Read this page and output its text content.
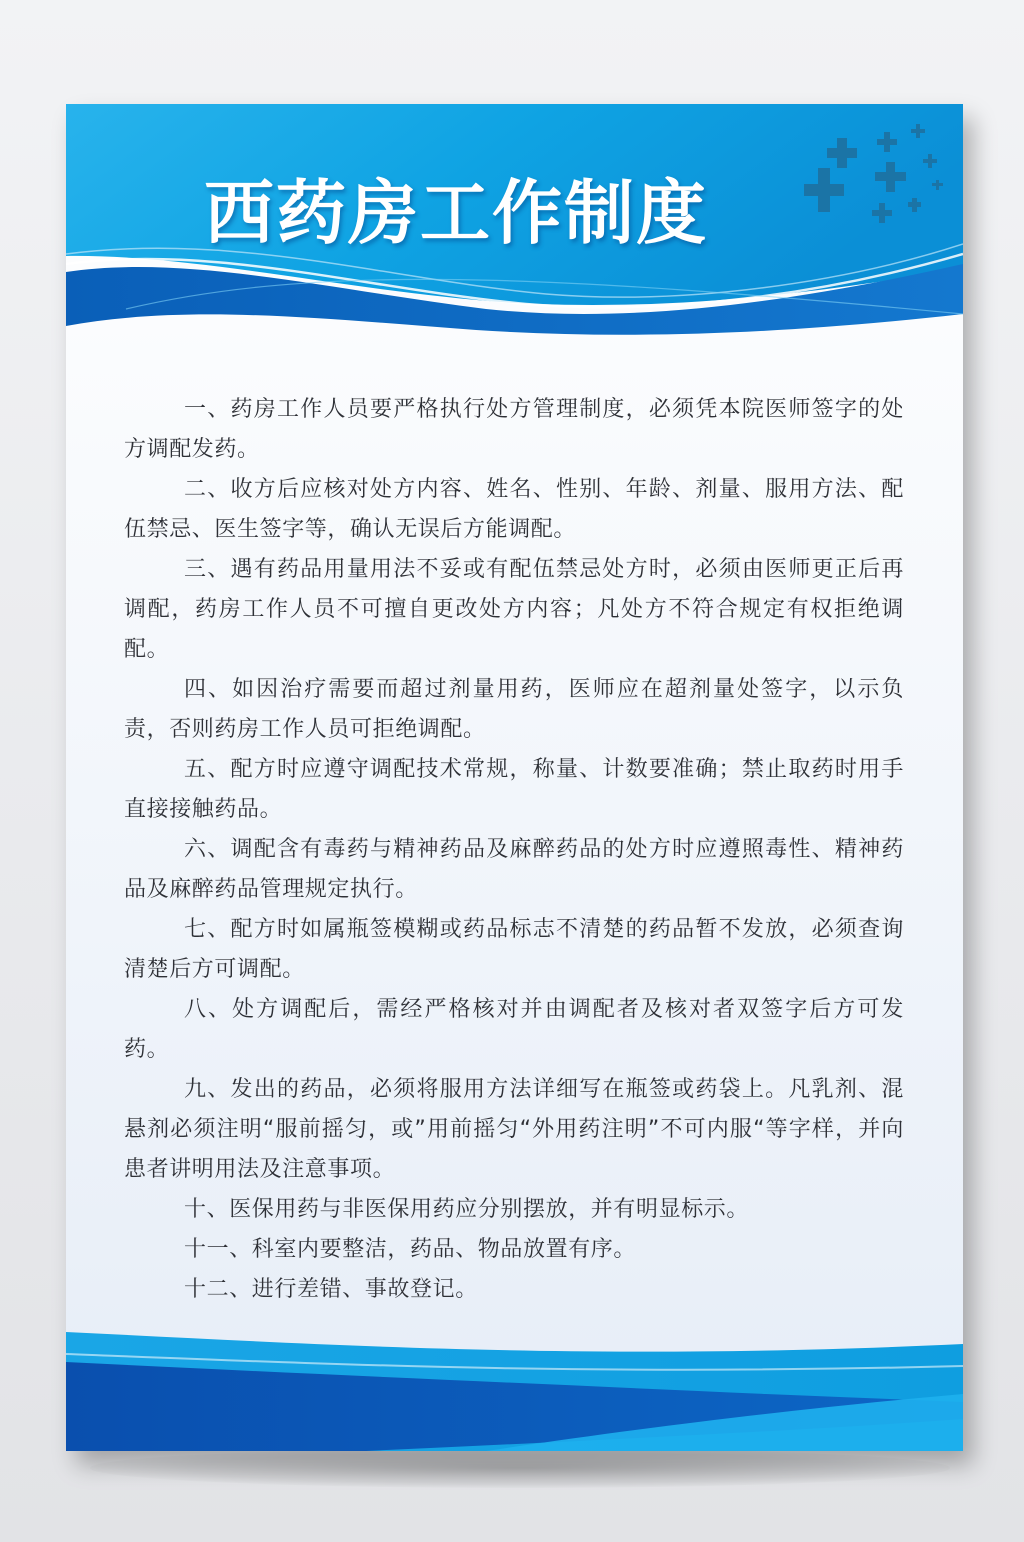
西药房工作制度
一、药房工作人员要严格执行处方管理制度，必须凭本院医师签字的处方调配发药。
二、收方后应核对处方内容、姓名、性别、年龄、剂量、服用方法、配伍禁忌、医生签字等，确认无误后方能调配。
三、遇有药品用量用法不妥或有配伍禁忌处方时，必须由医师更正后再调配，药房工作人员不可擅自更改处方内容；凡处方不符合规定有权拒绝调配。
四、如因治疗需要而超过剂量用药，医师应在超剂量处签字，以示负责，否则药房工作人员可拒绝调配。
五、配方时应遵守调配技术常规，称量、计数要准确；禁止取药时用手直接接触药品。
六、调配含有毒药与精神药品及麻醉药品的处方时应遵照毒性、精神药品及麻醉药品管理规定执行。
七、配方时如属瓶签模糊或药品标志不清楚的药品暂不发放，必须查询清楚后方可调配。
八、处方调配后，需经严格核对并由调配者及核对者双签字后方可发药。
九、发出的药品，必须将服用方法详细写在瓶签或药袋上。凡乳剂、混悬剂必须注明“服前摇匀，或”用前摇匀“外用药注明”不可内服“等字样，并向患者讲明用法及注意事项。
十、医保用药与非医保用药应分别摆放，并有明显标示。
十一、科室内要整洁，药品、物品放置有序。
十二、进行差错、事故登记。
